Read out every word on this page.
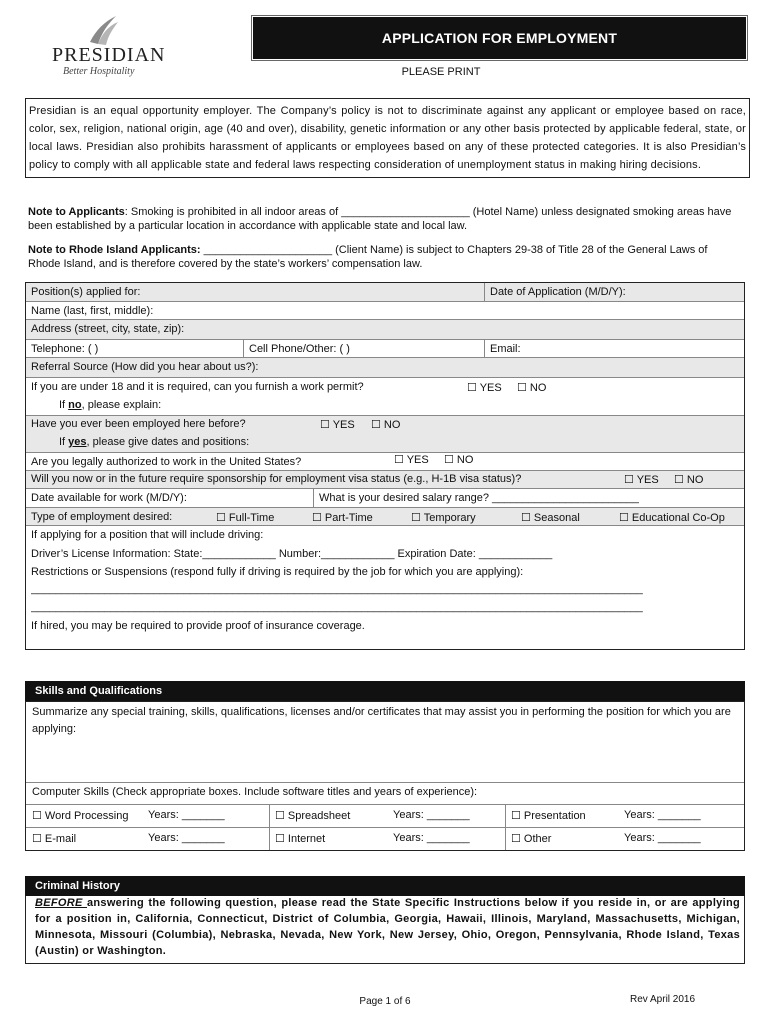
PRESIDIAN
Better Hospitality
APPLICATION FOR EMPLOYMENT
PLEASE PRINT
Presidian is an equal opportunity employer. The Company’s policy is not to discriminate against any applicant or employee based on race, color, sex, religion, national origin, age (40 and over), disability, genetic information or any other basis protected by applicable federal, state, or local laws. Presidian also prohibits harassment of applicants or employees based on any of these protected categories. It is also Presidian’s policy to comply with all applicable state and federal laws respecting consideration of unemployment status in making hiring decisions.
Note to Applicants: Smoking is prohibited in all indoor areas of _____________________ (Hotel Name) unless designated smoking areas have been established by a particular location in accordance with applicable state and local law.
Note to Rhode Island Applicants: _____________________ (Client Name) is subject to Chapters 29-38 of Title 28 of the General Laws of Rhode Island, and is therefore covered by the state’s workers’ compensation law.
Position(s) applied for:	Date of Application (M/D/Y):
Name (last, first, middle):
Address (street, city, state, zip):
Telephone: ( )	Cell Phone/Other: ( )	Email:
Referral Source (How did you hear about us?):
If you are under 18 and it is required, can you furnish a work permit?	☐ YES ☐ NO
If no, please explain:
Have you ever been employed here before?	☐ YES ☐ NO
If yes, please give dates and positions:
Are you legally authorized to work in the United States?	☐ YES ☐ NO
Will you now or in the future require sponsorship for employment visa status (e.g., H-1B visa status)?	☐ YES ☐ NO
Date available for work (M/D/Y):	What is your desired salary range? ________________________
Type of employment desired:	☐ Full-Time	☐ Part-Time	☐ Temporary	☐ Seasonal	☐ Educational Co-Op
If applying for a position that will include driving:
Driver’s License Information: State:____________ Number:____________ Expiration Date: ____________
Restrictions or Suspensions (respond fully if driving is required by the job for which you are applying):
____________________________________________________________________________________________________
____________________________________________________________________________________________________
If hired, you may be required to provide proof of insurance coverage.
Skills and Qualifications
Summarize any special training, skills, qualifications, licenses and/or certificates that may assist you in performing the position for which you are applying:
Computer Skills (Check appropriate boxes. Include software titles and years of experience):
☐ Word Processing Years: _______	☐ Spreadsheet	Years: _______	☐ Presentation	Years: _______
☐ E-mail	Years: _______	☐ Internet	Years: _______	☐ Other	Years: _______
Criminal History
BEFORE answering the following question, please read the State Specific Instructions below if you reside in, or are applying for a position in, California, Connecticut, District of Columbia, Georgia, Hawaii, Illinois, Maryland, Massachusetts, Michigan, Minnesota, Missouri (Columbia), Nebraska, Nevada, New York, New Jersey, Ohio, Oregon, Pennsylvania, Rhode Island, Texas (Austin) or Washington.
Page 1 of 6	Rev April 2016
